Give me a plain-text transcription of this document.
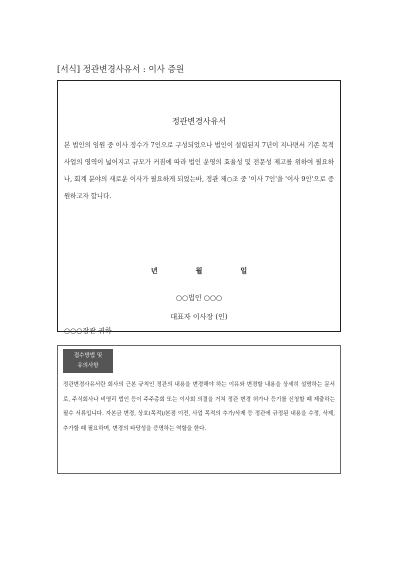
[서식] 정관변경사유서 : 이사 증원
정관변경사유서
본 법인의 임원 중 이사 정수가 7인으로 구성되었으나 법인이 설립된지 7년이 지나면서 기존 목적사업의 영역이 넓어지고 규모가 커짐에 따라 법인 운영의 효율성 및 전문성 제고를 위하여 필요하나, 회계 분야의 새로운 이사가 필요하게 되었는바, 정관 제○조 중 '이사 7인'을 '이사 9인'으로 증원하고자 합니다.
년	월	일
○○법인 ○○○
대표자 이사장 (인)
○○○장관 귀하
접수방법 및
유의사항
정관변경사유서란 회사의 근본 규칙인 정관의 내용을 변경해야 하는 이유와 변경할 내용을 상세히 설명하는 문서로, 주식회사나 비영리 법인 등이 주주총회 또는 이사회 의결을 거쳐 정관 변경 허가나 등기를 신청할 때 제출하는 필수 서류입니다. 자본금 변경, 상호(목적)/본점 이전, 사업 목적의 추가/삭제 등 정관에 규정된 내용을 수정, 삭제, 추가할 때 필요하며, 변경의 타당성을 증명하는 역할을 한다.
